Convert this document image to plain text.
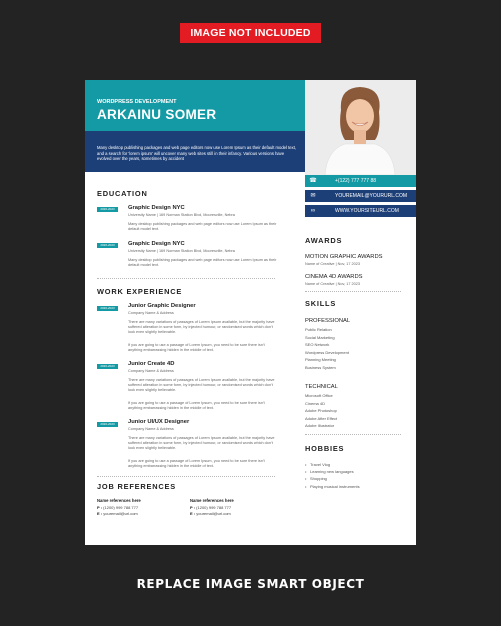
IMAGE NOT INCLUDED
WORDPRESS DEVELOPMENT
ARKAINU SOMER
Many desktop publishing packages and web page editors now use Lorem Ipsum as their default model text, and a search for 'lorem ipsum' will uncover many web sites still in their infancy. Various versions have evolved over the years, sometimes by accident
☎	+(122) 777 777 88
✉	YOUREMAIL@YOURURL.COM
∞	WWW.YOURSITEURL.COM
EDUCATION
2020-2023	Graphic Design NYC
University Name | 169 Norman Station Blvd, Mooresville, Nebra
Many desktop publishing packages and web page editors now use Lorem Ipsum as their default model text.
2020-2023	Graphic Design NYC
University Name | 169 Norman Station Blvd, Mooresville, Nebra
Many desktop publishing packages and web page editors now use Lorem Ipsum as their default model text.
WORK EXPERIENCE
2020-2023	Junior Graphic Designer
Company Name & Address
There are many variations of passages of Lorem Ipsum available, but the majority have suffered alteration in some form, by injected humour, or randomised words which don't look even slightly believable.
If you are going to use a passage of Lorem Ipsum, you need to be sure there isn't anything embarrassing hidden in the middle of text.
2020-2023	Junior Create 4D
Company Name & Address
There are many variations of passages of Lorem Ipsum available, but the majority have suffered alteration in some form, by injected humour, or randomised words which don't look even slightly believable.
If you are going to use a passage of Lorem Ipsum, you need to be sure there isn't anything embarrassing hidden in the middle of text.
2020-2023	Junior UI/UX Designer
Company Name & Address
There are many variations of passages of Lorem Ipsum available, but the majority have suffered alteration in some form, by injected humour, or randomised words which don't look even slightly believable.
If you are going to use a passage of Lorem Ipsum, you need to be sure there isn't anything embarrassing hidden in the middle of text.
JOB REFERENCES
Name references here
P : (1200) 999 788 777
E : youremail@url.com
Name references here
P : (1200) 999 788 777
E : youremail@url.com
AWARDS
MOTION GRAPHIC AWARDS
Name of Creative | Nov, 17 2023
CINEMA 4D AWARDS
Name of Creative | Nov, 17 2023
SKILLS
PROFESSIONAL
Public Relation
Social Marketing
SEO Network
Wordpress Development
Planning Meeting
Business System
TECHNICAL
Microsoft Office
Cinema 4D
Adobe Photoshop
Adobe After Effect
Adobe Illustrator
HOBBIES
• Travel Vlog
• Learning new languages
• Shopping
• Playing musical instruments
REPLACE IMAGE SMART OBJECT
